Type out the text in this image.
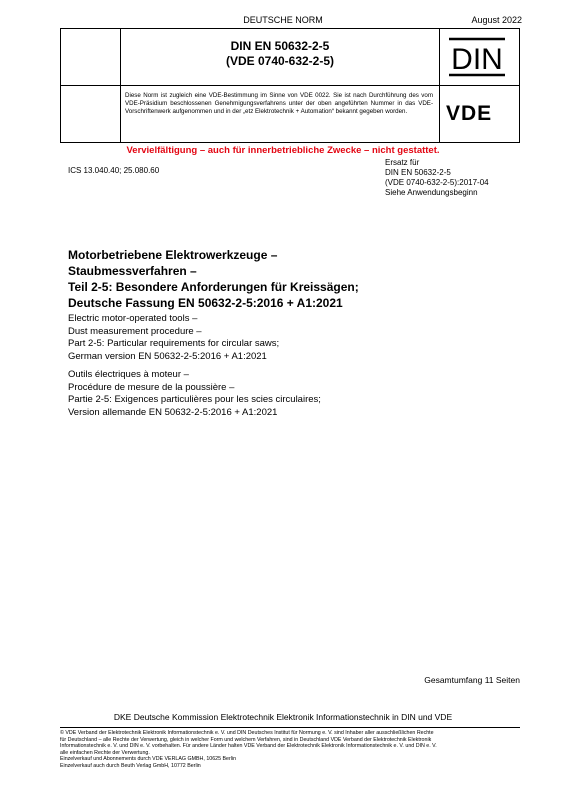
DEUTSCHE NORM	August 2022
DIN EN 50632-2-5
(VDE 0740-632-2-5)	DIN
Diese Norm ist zugleich eine VDE-Bestimmung im Sinne von VDE 0022. Sie ist nach Durchführung des vom VDE-Präsidium beschlossenen Genehmigungsverfahrens unter der oben angeführten Nummer in das VDE-Vorschriftenwerk aufgenommen und in der „etz Elektrotechnik + Automation“ bekannt gegeben worden.	VDE
Vervielfältigung – auch für innerbetriebliche Zwecke – nicht gestattet.
ICS 13.040.40; 25.080.60
Ersatz für
DIN EN 50632-2-5
(VDE 0740-632-2-5):2017-04
Siehe Anwendungsbeginn
Motorbetriebene Elektrowerkzeuge –
Staubmessverfahren –
Teil 2-5: Besondere Anforderungen für Kreissägen;
Deutsche Fassung EN 50632-2-5:2016 + A1:2021
Electric motor-operated tools –
Dust measurement procedure –
Part 2-5: Particular requirements for circular saws;
German version EN 50632-2-5:2016 + A1:2021
Outils électriques à moteur –
Procédure de mesure de la poussière –
Partie 2-5: Exigences particulières pour les scies circulaires;
Version allemande EN 50632-2-5:2016 + A1:2021
Gesamtumfang 11 Seiten
DKE Deutsche Kommission Elektrotechnik Elektronik Informationstechnik in DIN und VDE
© VDE Verband der Elektrotechnik Elektronik Informationstechnik e. V. und DIN Deutsches Institut für Normung e. V. sind Inhaber aller ausschließlichen Rechte
für Deutschland – alle Rechte der Verwertung, gleich in welcher Form und welchem Verfahren, sind in Deutschland VDE Verband der Elektrotechnik Elektronik
Informationstechnik e. V. und DIN e. V. vorbehalten. Für andere Länder halten VDE Verband der Elektrotechnik Elektronik Informationstechnik e. V. und DIN e. V.
alle einfachen Rechte der Verwertung.
Einzelverkauf und Abonnements durch VDE VERLAG GMBH, 10625 Berlin
Einzelverkauf auch durch Beuth Verlag GmbH, 10772 Berlin
